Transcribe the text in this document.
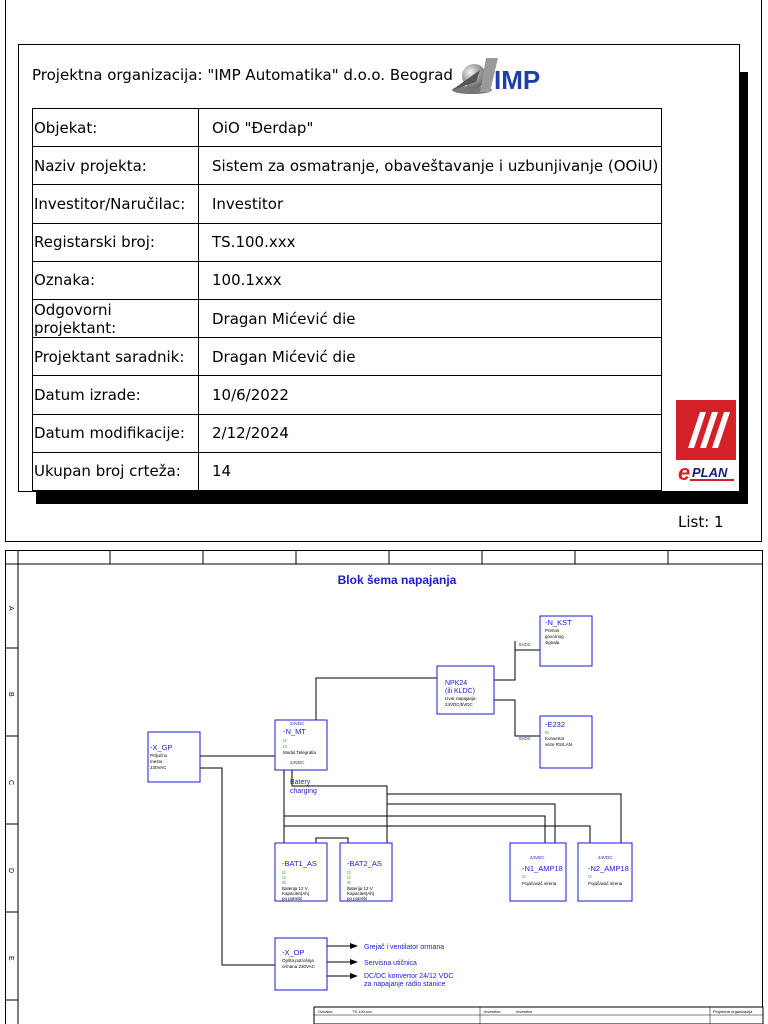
Projektna organizacija: "IMP Automatika" d.o.o. Beograd IMP
Objekat:	OiO "Đerdap"
Naziv projekta:	Sistem za osmatranje, obaveštavanje i uzbunjivanje (OOiU)
Investitor/Naručilac:	Investitor
Registarski broj:	TS.100.xxx
Oznaka:	100.1xxx
Odgovorni projektant:	Dragan Mićević die
Projektant saradnik:	Dragan Mićević die
Datum izrade:	10/6/2022
Datum modifikacije:	2/12/2024
Ukupan broj crteža:	14	e PLAN
List: 1
A
B
C
D
E
Blok šema napajanja
-N_KST
Prenos
govornog
signala
NPK24
(ili KLDC)
Izvor napajanja
24VDC/5VDC
-E232
/5
Konvertor
veze RS/LAN
24VDC
-N_MT
/2
/3
Modul Telegrafia
24VDC
-X_GP
Priljučno
mesto
230VAC
Batery
charging
-BAT1_AS
/2
/3
/6
Baterija 12 V
Kapacitet(Ah)
po potrebi
-BAT2_AS
/2
/3
/6
Baterija 12 V
Kapacitet(Ah)
po potrebi
24VDC
-N1_AMP18
/2
Pojačavač sirena
24VDC
-N2_AMP18
/2
Pojačavač sirena
-X_OP
Opšta potrošnja
ormana 230VAC
5VDC
5VDC
Grejač i ventilator ormana
Servisna utičnica
DC/DC konvertor 24/12 VDC
za napajanje radio stanice
Oznaka:	TS.100.xxx	Investitor:	Investitor	Projektna organizacija
